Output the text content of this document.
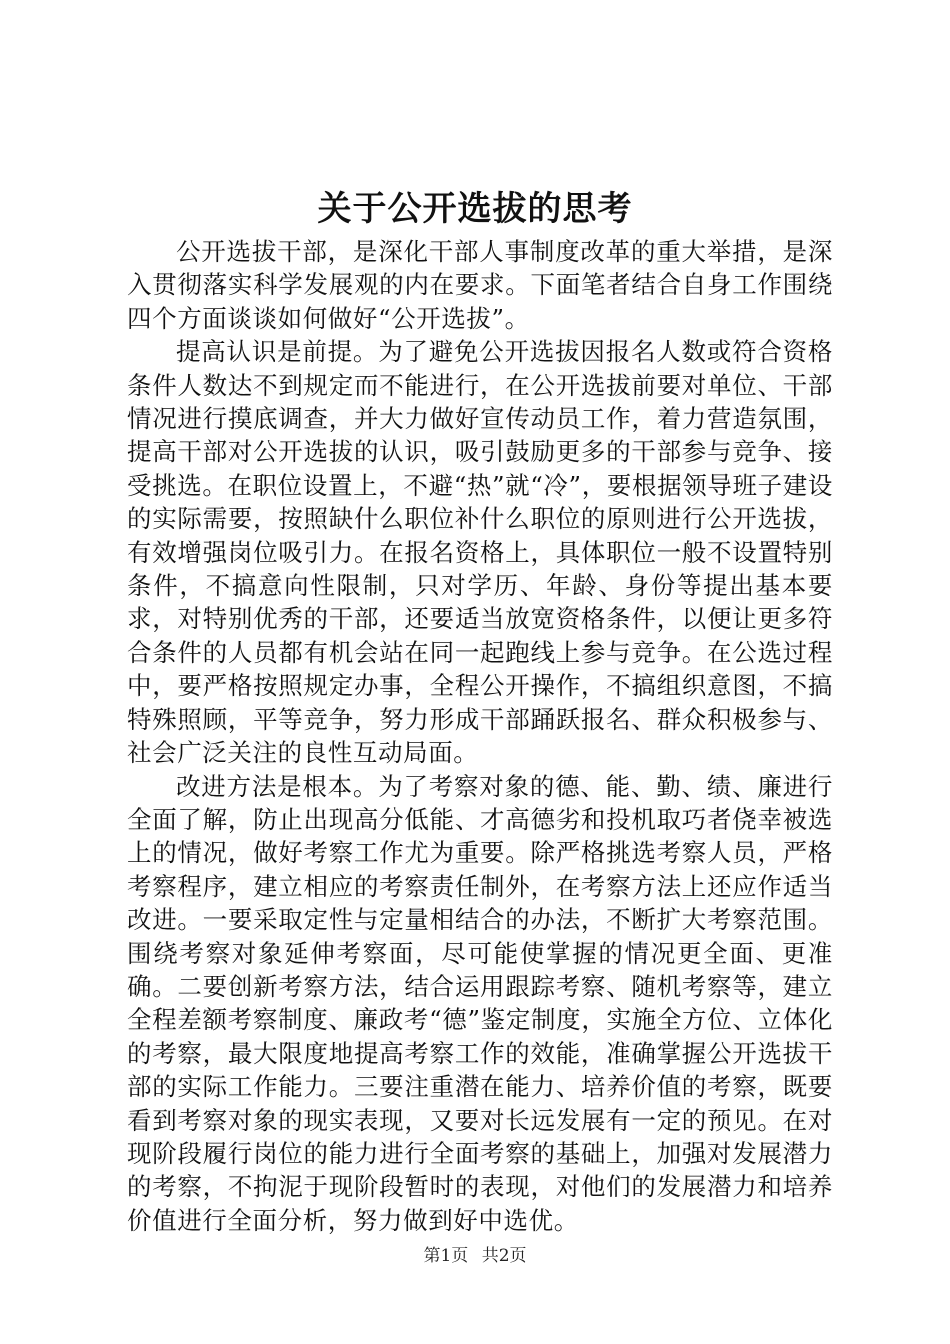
关于公开选拔的思考

公开选拔干部，是深化干部人事制度改革的重大举措，是深入贯彻落实科学发展观的内在要求。下面笔者结合自身工作围绕四个方面谈谈如何做好“公开选拔”。

提高认识是前提。为了避免公开选拔因报名人数或符合资格条件人数达不到规定而不能进行，在公开选拔前要对单位、干部情况进行摸底调查，并大力做好宣传动员工作，着力营造氛围，提高干部对公开选拔的认识，吸引鼓励更多的干部参与竞争、接受挑选。在职位设置上，不避“热”就“冷”，要根据领导班子建设的实际需要，按照缺什么职位补什么职位的原则进行公开选拔，有效增强岗位吸引力。在报名资格上，具体职位一般不设置特别条件，不搞意向性限制，只对学历、年龄、身份等提出基本要求，对特别优秀的干部，还要适当放宽资格条件，以便让更多符合条件的人员都有机会站在同一起跑线上参与竞争。在公选过程中，要严格按照规定办事，全程公开操作，不搞组织意图，不搞特殊照顾，平等竞争，努力形成干部踊跃报名、群众积极参与、社会广泛关注的良性互动局面。

改进方法是根本。为了考察对象的德、能、勤、绩、廉进行全面了解，防止出现高分低能、才高德劣和投机取巧者侥幸被选上的情况，做好考察工作尤为重要。除严格挑选考察人员，严格考察程序，建立相应的考察责任制外，在考察方法上还应作适当改进。一要采取定性与定量相结合的办法，不断扩大考察范围。围绕考察对象延伸考察面，尽可能使掌握的情况更全面、更准确。二要创新考察方法，结合运用跟踪考察、随机考察等，建立全程差额考察制度、廉政考“德”鉴定制度，实施全方位、立体化的考察，最大限度地提高考察工作的效能，准确掌握公开选拔干部的实际工作能力。三要注重潜在能力、培养价值的考察，既要看到考察对象的现实表现，又要对长远发展有一定的预见。在对现阶段履行岗位的能力进行全面考察的基础上，加强对发展潜力的考察，不拘泥于现阶段暂时的表现，对他们的发展潜力和培养价值进行全面分析，努力做到好中选优。

第1页 共2页
